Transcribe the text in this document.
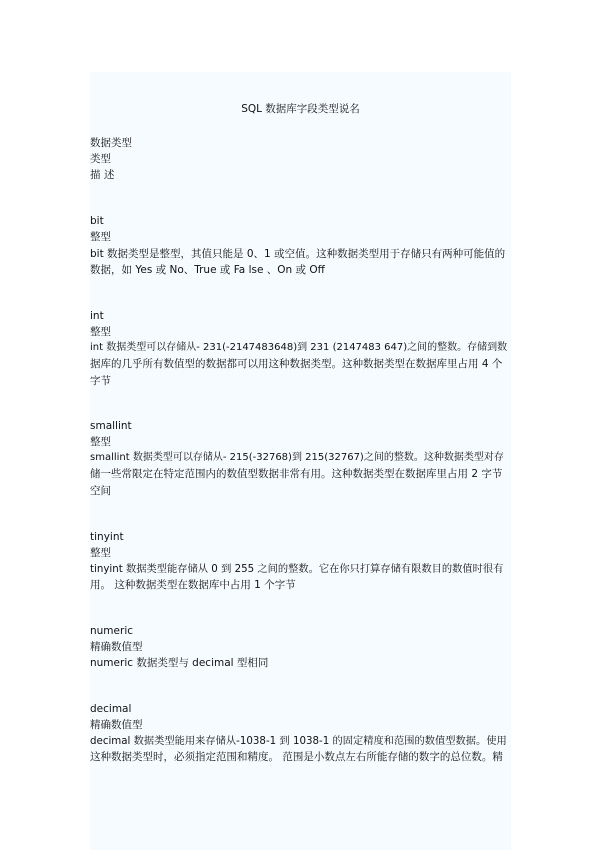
SQL 数据库字段类型说名
数据类型
类型
描 述
bit
整型
bit 数据类型是整型，其值只能是 0、1 或空值。这种数据类型用于存储只有两种可能值的
数据，如 Yes 或 No、True 或 Fa lse 、On 或 Off
int
整型
int 数据类型可以存储从- 231(-2147483648)到 231 (2147483 647)之间的整数。存储到数
据库的几乎所有数值型的数据都可以用这种数据类型。这种数据类型在数据库里占用 4 个
字节
smallint
整型
smallint 数据类型可以存储从- 215(-32768)到 215(32767)之间的整数。这种数据类型对存
储一些常限定在特定范围内的数值型数据非常有用。这种数据类型在数据库里占用 2 字节
空间
tinyint
整型
tinyint 数据类型能存储从 0 到 255 之间的整数。它在你只打算存储有限数目的数值时很有
用。 这种数据类型在数据库中占用 1 个字节
numeric
精确数值型
numeric 数据类型与 decimal 型相同
decimal
精确数值型
decimal 数据类型能用来存储从-1038-1 到 1038-1 的固定精度和范围的数值型数据。使用
这种数据类型时，必须指定范围和精度。 范围是小数点左右所能存储的数字的总位数。精
